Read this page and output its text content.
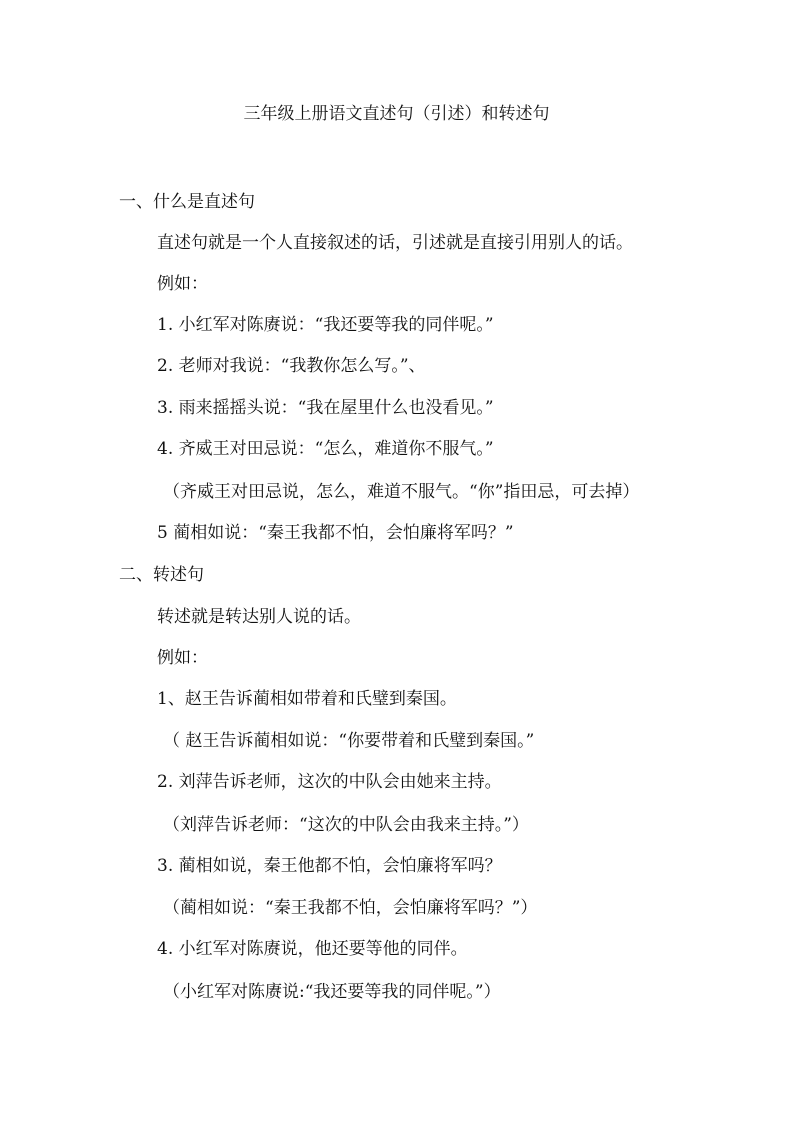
三年级上册语文直述句（引述）和转述句
一、什么是直述句
直述句就是一个人直接叙述的话，引述就是直接引用别人的话。
例如：
1. 小红军对陈赓说：“我还要等我的同伴呢。”
2. 老师对我说：“我教你怎么写。”、
3. 雨来摇摇头说：“我在屋里什么也没看见。”
4. 齐威王对田忌说：“怎么，难道你不服气。”
（齐威王对田忌说，怎么，难道不服气。“你”指田忌，可去掉）
5 蔺相如说：“秦王我都不怕，会怕廉将军吗？”
二、转述句
转述就是转达别人说的话。
例如：
1、赵王告诉蔺相如带着和氏璧到秦国。
（ 赵王告诉蔺相如说：“你要带着和氏璧到秦国。”
2. 刘萍告诉老师，这次的中队会由她来主持。
（刘萍告诉老师：“这次的中队会由我来主持。”）
3. 蔺相如说，秦王他都不怕，会怕廉将军吗？
（蔺相如说：“秦王我都不怕，会怕廉将军吗？”）
4. 小红军对陈赓说，他还要等他的同伴。
（小红军对陈赓说:“我还要等我的同伴呢。”）
